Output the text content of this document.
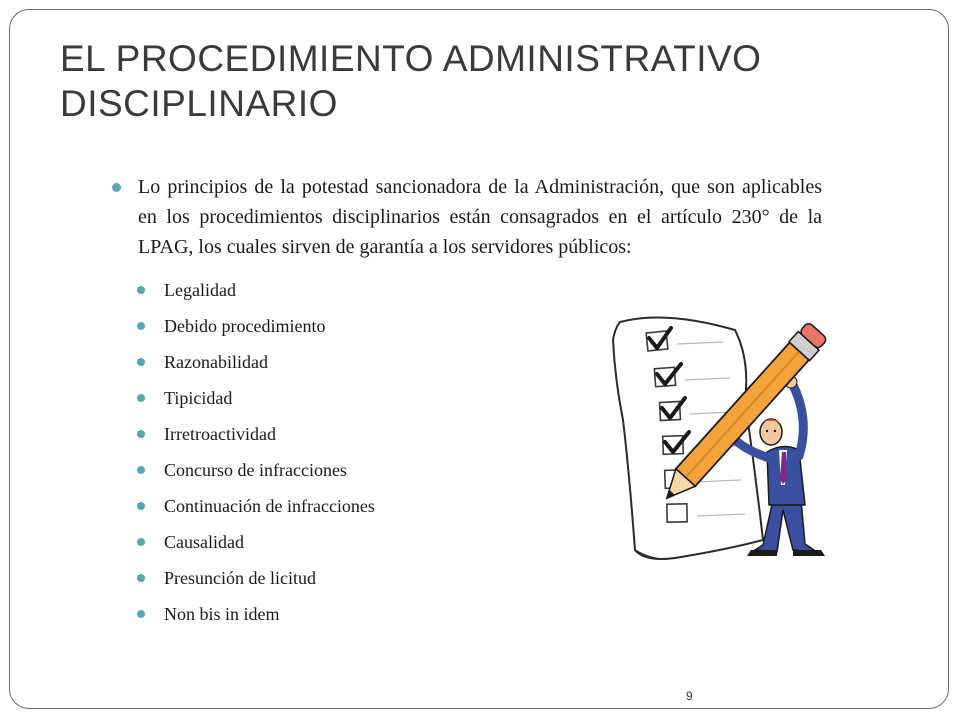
EL PROCEDIMIENTO ADMINISTRATIVO DISCIPLINARIO
Lo principios de la potestad sancionadora de la Administración, que son aplicables en los procedimientos disciplinarios están consagrados en el artículo 230° de la LPAG, los cuales sirven de garantía a los servidores públicos:
Legalidad
Debido procedimiento
Razonabilidad
Tipicidad
Irretroactividad
Concurso de infracciones
Continuación de infracciones
Causalidad
Presunción de licitud
Non bis in idem
9
